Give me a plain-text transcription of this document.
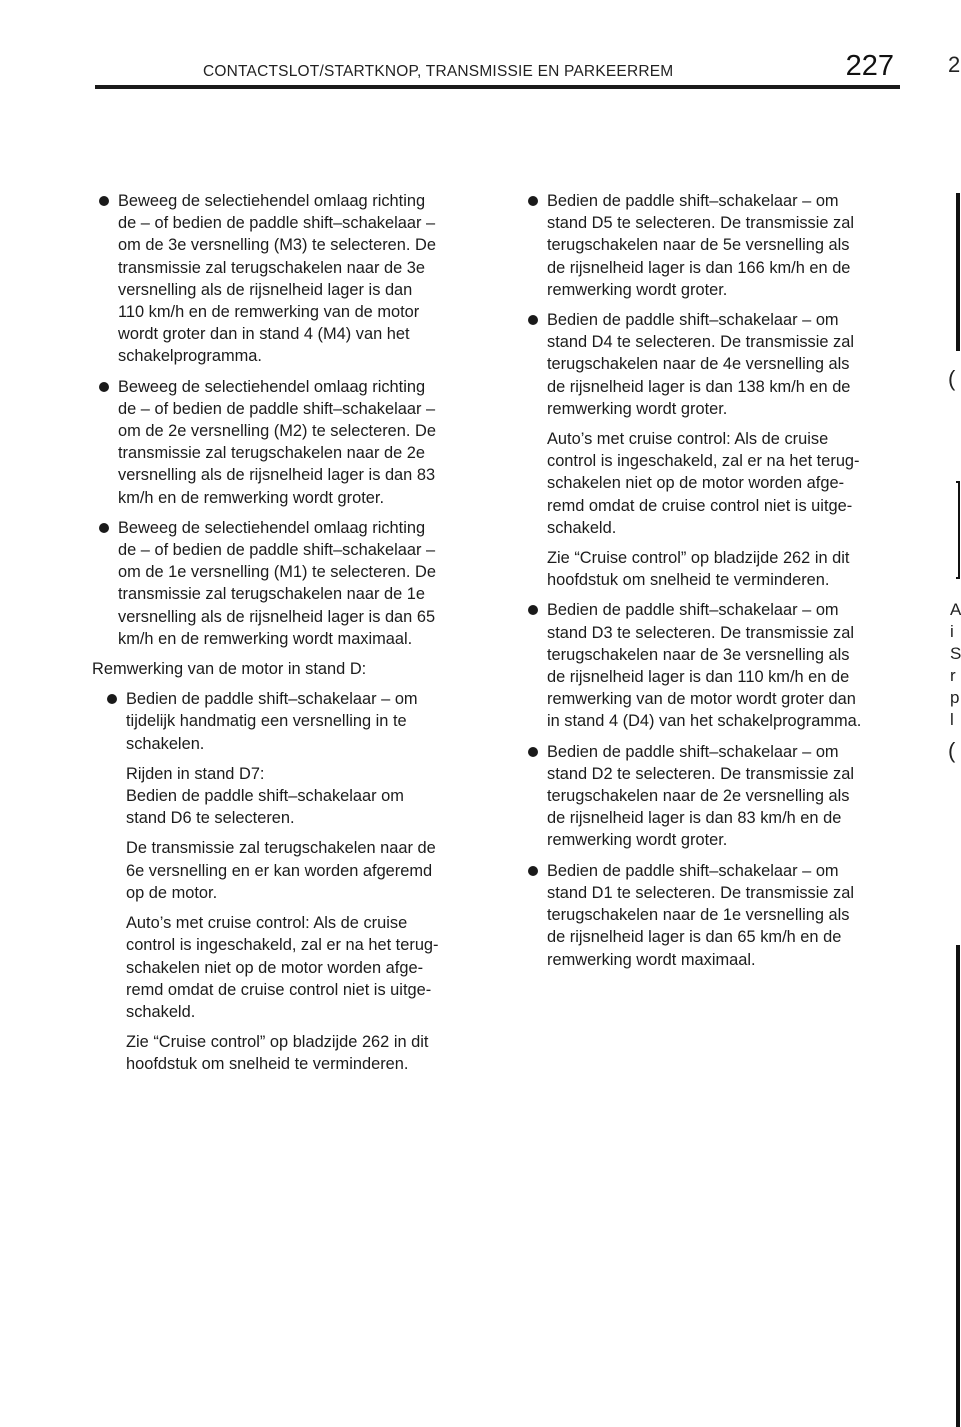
CONTACTSLOT/STARTKNOP, TRANSMISSIE EN PARKEERREM	227 2
(
A
i
S
r
p
l
(
Beweeg de selectiehendel omlaag richting
de – of bedien de paddle shift–schakelaar –
om de 3e versnelling (M3) te selecteren. De
transmissie zal terugschakelen naar de 3e
versnelling als de rijsnelheid lager is dan
110 km/h en de remwerking van de motor
wordt groter dan in stand 4 (M4) van het
schakelprogramma.
Beweeg de selectiehendel omlaag richting
de – of bedien de paddle shift–schakelaar –
om de 2e versnelling (M2) te selecteren. De
transmissie zal terugschakelen naar de 2e
versnelling als de rijsnelheid lager is dan 83
km/h en de remwerking wordt groter.
Beweeg de selectiehendel omlaag richting
de – of bedien de paddle shift–schakelaar –
om de 1e versnelling (M1) te selecteren. De
transmissie zal terugschakelen naar de 1e
versnelling als de rijsnelheid lager is dan 65
km/h en de remwerking wordt maximaal.
Remwerking van de motor in stand D:
Bedien de paddle shift–schakelaar – om
tijdelijk handmatig een versnelling in te
schakelen.
Rijden in stand D7:
Bedien de paddle shift–schakelaar om
stand D6 te selecteren.
De transmissie zal terugschakelen naar de
6e versnelling en er kan worden afgeremd
op de motor.
Auto’s met cruise control: Als de cruise
control is ingeschakeld, zal er na het terug-
schakelen niet op de motor worden afge-
remd omdat de cruise control niet is uitge-
schakeld.
Zie “Cruise control” op bladzijde 262 in dit
hoofdstuk om snelheid te verminderen.
Bedien de paddle shift–schakelaar – om
stand D5 te selecteren. De transmissie zal
terugschakelen naar de 5e versnelling als
de rijsnelheid lager is dan 166 km/h en de
remwerking wordt groter.
Bedien de paddle shift–schakelaar – om
stand D4 te selecteren. De transmissie zal
terugschakelen naar de 4e versnelling als
de rijsnelheid lager is dan 138 km/h en de
remwerking wordt groter.
Auto’s met cruise control: Als de cruise
control is ingeschakeld, zal er na het terug-
schakelen niet op de motor worden afge-
remd omdat de cruise control niet is uitge-
schakeld.
Zie “Cruise control” op bladzijde 262 in dit
hoofdstuk om snelheid te verminderen.
Bedien de paddle shift–schakelaar – om
stand D3 te selecteren. De transmissie zal
terugschakelen naar de 3e versnelling als
de rijsnelheid lager is dan 110 km/h en de
remwerking van de motor wordt groter dan
in stand 4 (D4) van het schakelprogramma.
Bedien de paddle shift–schakelaar – om
stand D2 te selecteren. De transmissie zal
terugschakelen naar de 2e versnelling als
de rijsnelheid lager is dan 83 km/h en de
remwerking wordt groter.
Bedien de paddle shift–schakelaar – om
stand D1 te selecteren. De transmissie zal
terugschakelen naar de 1e versnelling als
de rijsnelheid lager is dan 65 km/h en de
remwerking wordt maximaal.
